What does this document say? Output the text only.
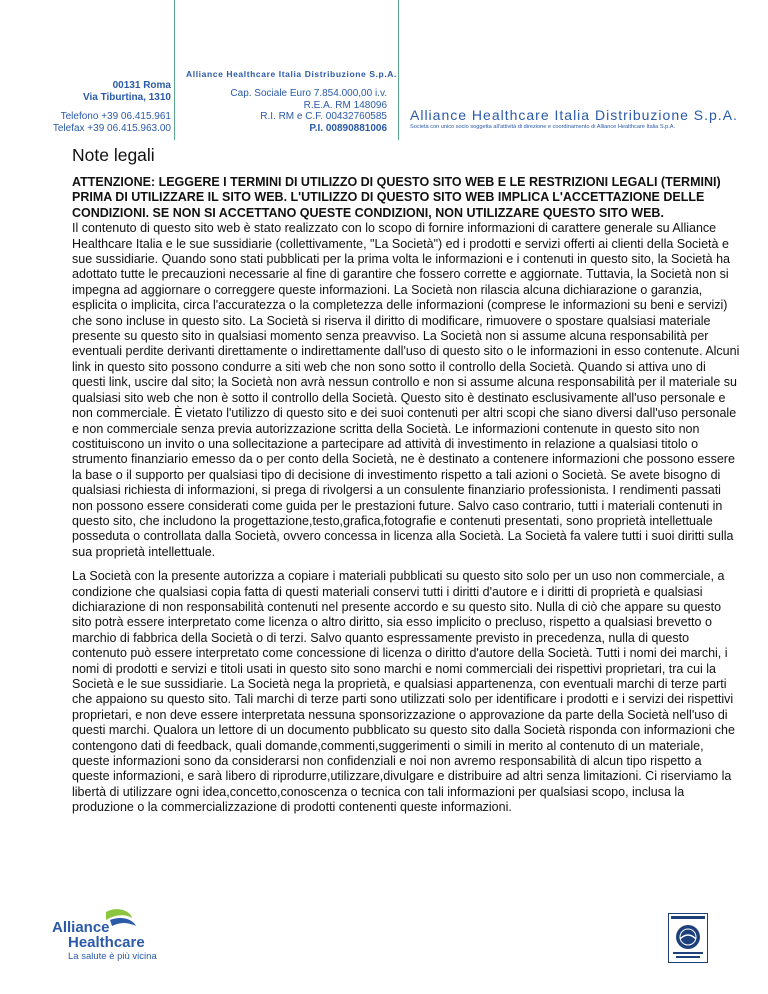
00131 Roma
Via Tiburtina, 1310
Telefono +39 06.415.961
Telefax +39 06.415.963.00
Alliance Healthcare Italia Distribuzione S.p.A.
Cap. Sociale Euro 7.854.000,00 i.v.
R.E.A. RM 148096
R.I. RM e C.F. 00432760585
P.I. 00890881006
Alliance Healthcare Italia Distribuzione S.p.A.
Società con unico socio soggetta all'attività di direzione e coordinamento di Alliance Healthcare Italia S.p.A.
Note legali

ATTENZIONE: LEGGERE I TERMINI DI UTILIZZO DI QUESTO SITO WEB E LE RESTRIZIONI LEGALI (TERMINI) PRIMA DI UTILIZZARE IL SITO WEB. L'UTILIZZO DI QUESTO SITO WEB IMPLICA L'ACCETTAZIONE DELLE CONDIZIONI. SE NON SI ACCETTANO QUESTE CONDIZIONI, NON UTILIZZARE QUESTO SITO WEB.

Il contenuto di questo sito web è stato realizzato con lo scopo di fornire informazioni di carattere generale su Alliance Healthcare Italia e le sue sussidiarie (collettivamente, "La Società") ed i prodotti e servizi offerti ai clienti della Società e sue sussidiarie. Quando sono stati pubblicati per la prima volta le informazioni e i contenuti in questo sito, la Società ha adottato tutte le precauzioni necessarie al fine di garantire che fossero corrette e aggiornate. Tuttavia, la Società non si impegna ad aggiornare o correggere queste informazioni. La Società non rilascia alcuna dichiarazione o garanzia, esplicita o implicita, circa l'accuratezza o la completezza delle informazioni (comprese le informazioni su beni e servizi) che sono incluse in questo sito. La Società si riserva il diritto di modificare, rimuovere o spostare qualsiasi materiale presente su questo sito in qualsiasi momento senza preavviso. La Società non si assume alcuna responsabilità per eventuali perdite derivanti direttamente o indirettamente dall'uso di questo sito o le informazioni in esso contenute. Alcuni link in questo sito possono condurre a siti web che non sono sotto il controllo della Società. Quando si attiva uno di questi link, uscire dal sito; la Società non avrà nessun controllo e non si assume alcuna responsabilità per il materiale su qualsiasi sito web che non è sotto il controllo della Società. Questo sito è destinato esclusivamente all'uso personale e non commerciale. È vietato l'utilizzo di questo sito e dei suoi contenuti per altri scopi che siano diversi dall'uso personale e non commerciale senza previa autorizzazione scritta della Società. Le informazioni contenute in questo sito non costituiscono un invito o una sollecitazione a partecipare ad attività di investimento in relazione a qualsiasi titolo o strumento finanziario emesso da o per conto della Società, ne è destinato a contenere informazioni che possono essere la base o il supporto per qualsiasi tipo di decisione di investimento rispetto a tali azioni o Società. Se avete bisogno di qualsiasi richiesta di informazioni, si prega di rivolgersi a un consulente finanziario professionista. I rendimenti passati non possono essere considerati come guida per le prestazioni future. Salvo caso contrario, tutti i materiali contenuti in questo sito, che includono la progettazione,testo,grafica,fotografie e contenuti presentati, sono proprietà intellettuale posseduta o controllata dalla Società, ovvero concessa in licenza alla Società. La Società fa valere tutti i suoi diritti sulla sua proprietà intellettuale.

La Società con la presente autorizza a copiare i materiali pubblicati su questo sito solo per un uso non commerciale, a condizione che qualsiasi copia fatta di questi materiali conservi tutti i diritti d'autore e i diritti di proprietà e qualsiasi dichiarazione di non responsabilità contenuti nel presente accordo e su questo sito. Nulla di ciò che appare su questo sito potrà essere interpretato come licenza o altro diritto, sia esso implicito o precluso, rispetto a qualsiasi brevetto o marchio di fabbrica della Società o di terzi. Salvo quanto espressamente previsto in precedenza, nulla di questo contenuto può essere interpretato come concessione di licenza o diritto d'autore della Società. Tutti i nomi dei marchi, i nomi di prodotti e servizi e titoli usati in questo sito sono marchi e nomi commerciali dei rispettivi proprietari, tra cui la Società e le sue sussidiarie. La Società nega la proprietà, e qualsiasi appartenenza, con eventuali marchi di terze parti che appaiono su questo sito. Tali marchi di terze parti sono utilizzati solo per identificare i prodotti e i servizi dei rispettivi proprietari, e non deve essere interpretata nessuna sponsorizzazione o approvazione da parte della Società nell'uso di questi marchi. Qualora un lettore di un documento pubblicato su questo sito dalla Società risponda con informazioni che contengono dati di feedback, quali domande,commenti,suggerimenti o simili in merito al contenuto di un materiale, queste informazioni sono da considerarsi non confidenziali e noi non avremo responsabilità di alcun tipo rispetto a queste informazioni, e sarà libero di riprodurre,utilizzare,divulgare e distribuire ad altri senza limitazioni. Ci riserviamo la libertà di utilizzare ogni idea,concetto,conoscenza o tecnica con tali informazioni per qualsiasi scopo, inclusa la produzione o la commercializzazione di prodotti contenenti queste informazioni.

Alliance
Healthcare
La salute è più vicina
